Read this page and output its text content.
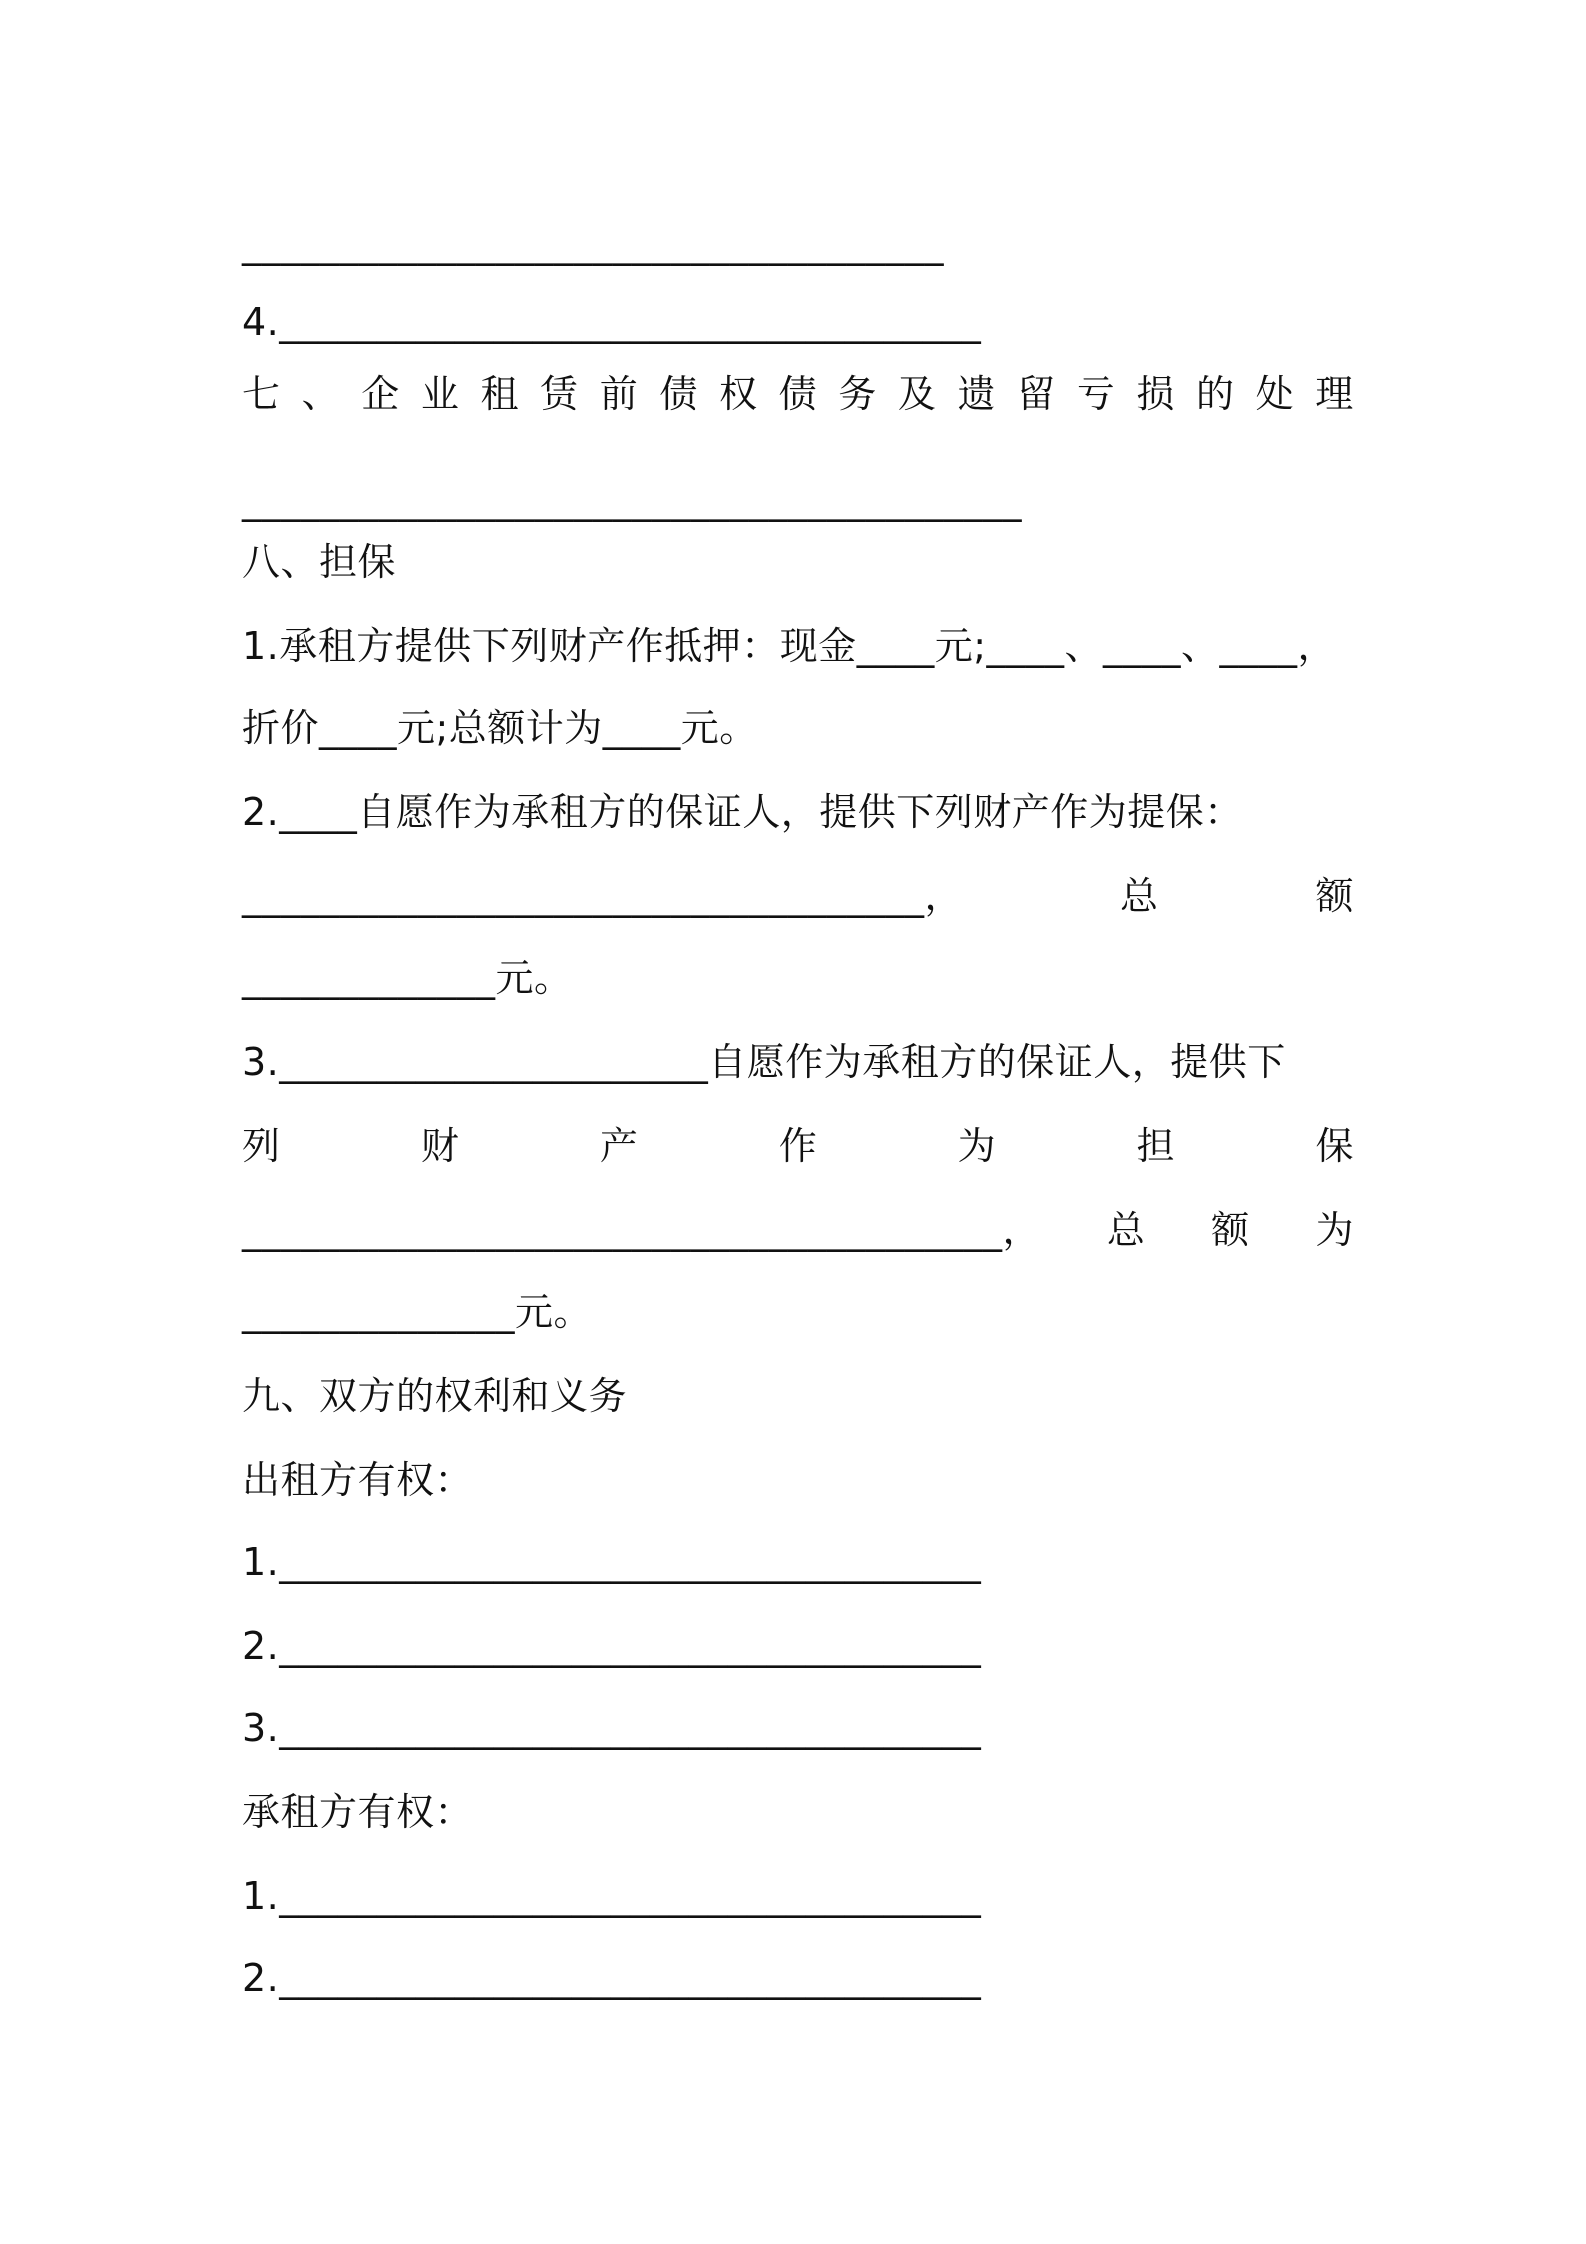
____________________________________
4.____________________________________
七 、 企 业 租 赁 前 债 权 债 务 及 遗 留 亏 损 的 处 理
________________________________________
八、担保
1.承租方提供下列财产作抵押：现金____元;____、____、____，
折价____元;总额计为____元。
2.____自愿作为承租方的保证人，提供下列财产作为提保：
___________________________________，	总	额
_____________元。
3.______________________自愿作为承租方的保证人，提供下
列	财	产	作	为	担	保
_______________________________________， 总 额 为
______________元。
九、双方的权利和义务
出租方有权：
1.____________________________________
2.____________________________________
3.____________________________________
承租方有权：
1.____________________________________
2.____________________________________
